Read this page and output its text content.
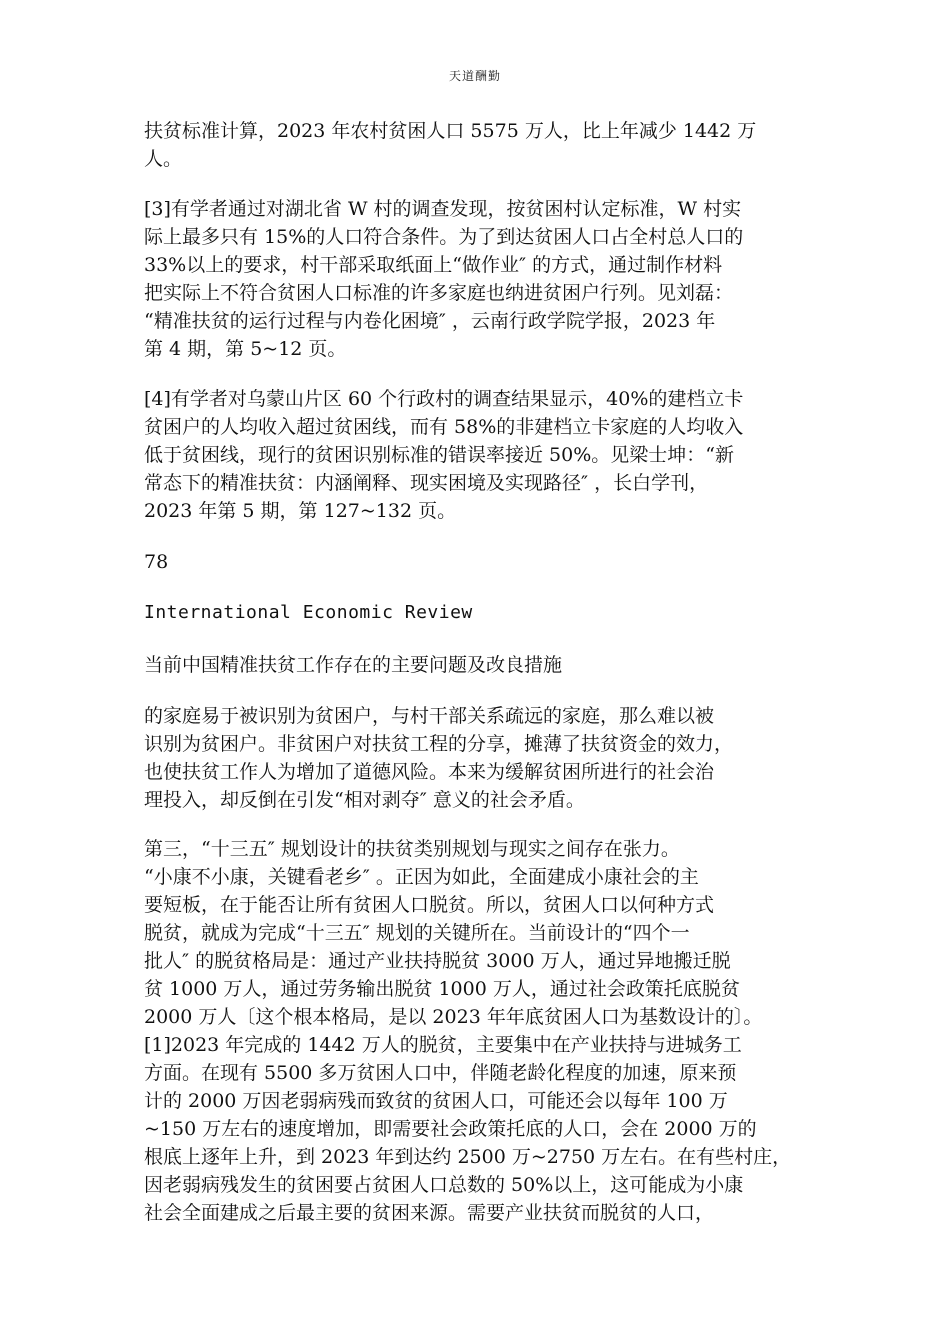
天道酬勤
扶贫标准计算，2023 年农村贫困人口 5575 万人，比上年减少 1442 万
人。
[3]有学者通过对湖北省 W 村的调查发现，按贫困村认定标准，W 村实
际上最多只有 15%的人口符合条件。为了到达贫困人口占全村总人口的
33%以上的要求，村干部采取纸面上“做作业″ 的方式，通过制作材料
把实际上不符合贫困人口标准的许多家庭也纳进贫困户行列。见刘磊：
“精准扶贫的运行过程与内卷化困境″ ，云南行政学院学报，2023 年
第 4 期，第 5~12 页。
[4]有学者对乌蒙山片区 60 个行政村的调查结果显示，40%的建档立卡
贫困户的人均收入超过贫困线，而有 58%的非建档立卡家庭的人均收入
低于贫困线，现行的贫困识别标准的错误率接近 50%。见梁士坤：“新
常态下的精准扶贫：内涵阐释、现实困境及实现路径″ ，长白学刊，
2023 年第 5 期，第 127~132 页。
78
International Economic Review
当前中国精准扶贫工作存在的主要问题及改良措施
的家庭易于被识别为贫困户，与村干部关系疏远的家庭，那么难以被
识别为贫困户。非贫困户对扶贫工程的分享，摊薄了扶贫资金的效力，
也使扶贫工作人为增加了道德风险。本来为缓解贫困所进行的社会治
理投入，却反倒在引发“相对剥夺″ 意义的社会矛盾。
第三，“十三五″ 规划设计的扶贫类别规划与现实之间存在张力。
“小康不小康，关键看老乡″ 。正因为如此，全面建成小康社会的主
要短板，在于能否让所有贫困人口脱贫。所以，贫困人口以何种方式
脱贫，就成为完成“十三五″ 规划的关键所在。当前设计的“四个一
批人″ 的脱贫格局是：通过产业扶持脱贫 3000 万人，通过异地搬迁脱
贫 1000 万人，通过劳务输出脱贫 1000 万人，通过社会政策托底脱贫
2000 万人〔这个根本格局，是以 2023 年年底贫困人口为基数设计的〕。
[1]2023 年完成的 1442 万人的脱贫，主要集中在产业扶持与进城务工
方面。在现有 5500 多万贫困人口中，伴随老龄化程度的加速，原来预
计的 2000 万因老弱病残而致贫的贫困人口，可能还会以每年 100 万
~150 万左右的速度增加，即需要社会政策托底的人口，会在 2000 万的
根底上逐年上升，到 2023 年到达约 2500 万~2750 万左右。在有些村庄，
因老弱病残发生的贫困要占贫困人口总数的 50%以上，这可能成为小康
社会全面建成之后最主要的贫困来源。需要产业扶贫而脱贫的人口，
